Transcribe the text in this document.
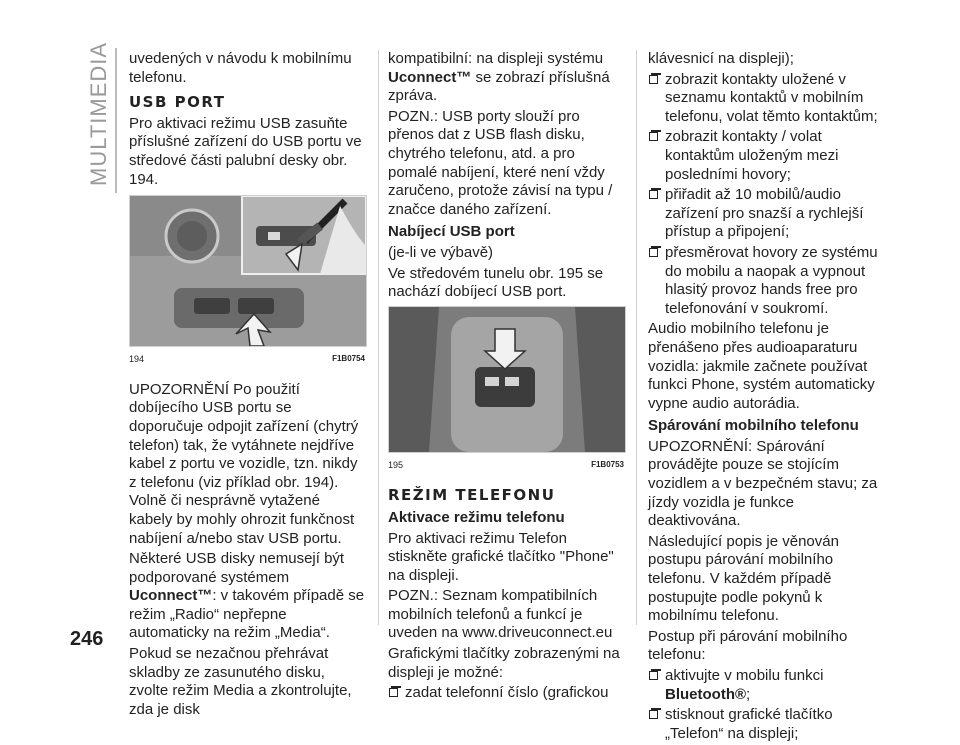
MULTIMEDIA uvedených v návodu k mobilnímu telefonu.

USB PORT

Pro aktivaci režimu USB zasuňte příslušné zařízení do USB portu ve středové části palubní desky obr. 194.

194	F1B0754

UPOZORNĚNÍ Po použití dobíjecího USB portu se doporučuje odpojit zařízení (chytrý telefon) tak, že vytáhnete nejdříve kabel z portu ve vozidle, tzn. nikdy z telefonu (viz příklad obr. 194). Volně či nesprávně vytažené kabely by mohly ohrozit funkčnost nabíjení a/nebo stav USB portu.

Některé USB disky nemusejí být podporované systémem Uconnect™: v takovém případě se režim „Radio“ nepřepne automaticky na režim „Media“.

Pokud se nezačnou přehrávat skladby ze zasunutého disku, zvolte režim Media a zkontrolujte, zda je disk

kompatibilní: na displeji systému Uconnect™ se zobrazí příslušná zpráva.

POZN.: USB porty slouží pro přenos dat z USB flash disku, chytrého telefonu, atd. a pro pomalé nabíjení, které není vždy zaručeno, protože závisí na typu / značce daného zařízení.

Nabíjecí USB port

(je-li ve výbavě)

Ve středovém tunelu obr. 195 se nachází dobíjecí USB port.

195	F1B0753
REŽIM TELEFONU
Aktivace režimu telefonu

Pro aktivaci režimu Telefon stiskněte grafické tlačítko "Phone" na displeji.

POZN.: Seznam kompatibilních mobilních telefonů a funkcí je uveden na www.driveuconnect.eu

Grafickými tlačítky zobrazenými na displeji je možné:

zadat telefonní číslo (grafickou

klávesnicí na displeji);

zobrazit kontakty uložené v seznamu kontaktů v mobilním telefonu, volat těmto kontaktům;

zobrazit kontakty / volat kontaktům uloženým mezi posledními hovory;

přiřadit až 10 mobilů/audio zařízení pro snazší a rychlejší přístup a připojení;

přesměrovat hovory ze systému do mobilu a naopak a vypnout hlasitý provoz hands free pro telefonování v soukromí.

Audio mobilního telefonu je přenášeno přes audioaparaturu vozidla: jakmile začnete používat funkci Phone, systém automaticky vypne audio autorádia.

Spárování mobilního telefonu

UPOZORNĚNÍ: Spárování provádějte pouze se stojícím vozidlem a v bezpečném stavu; za jízdy vozidla je funkce deaktivována.

Následující popis je věnován postupu párování mobilního telefonu. V každém případě postupujte podle pokynů k mobilnímu telefonu.

Postup při párování mobilního telefonu:

aktivujte v mobilu funkci
Bluetooth®;

stisknout grafické tlačítko „Telefon“ na displeji;

246
